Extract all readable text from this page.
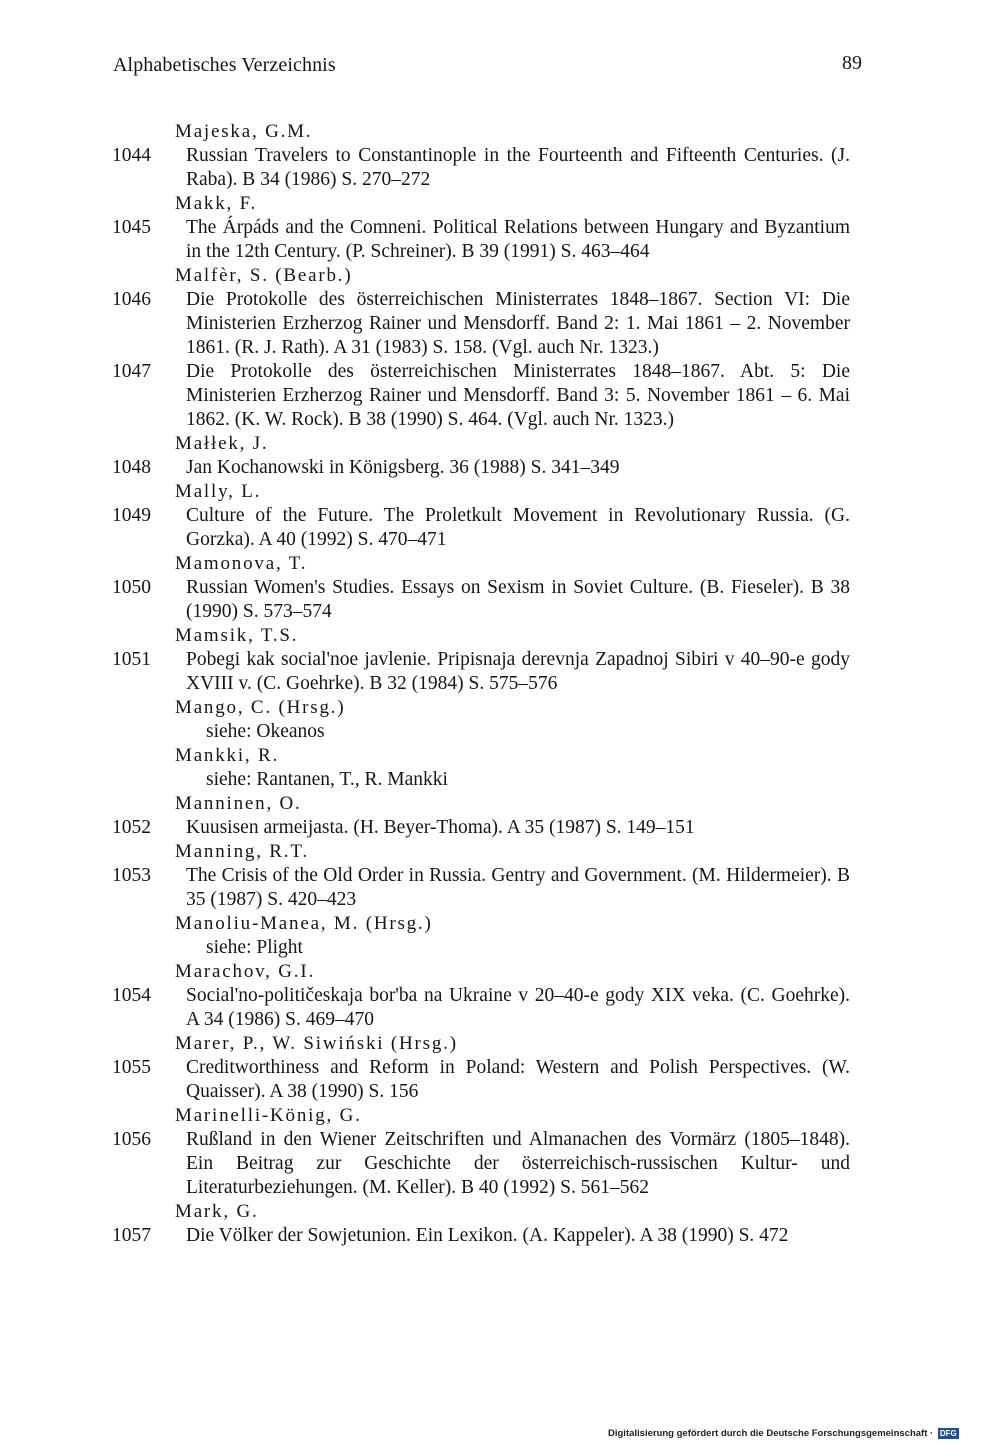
Alphabetisches Verzeichnis	89
Majeska, G.M.
1044	Russian Travelers to Constantinople in the Fourteenth and Fifteenth Centuries. (J. Raba). B 34 (1986) S. 270–272
Makk, F.
1045	The Árpáds and the Comneni. Political Relations between Hungary and Byzantium in the 12th Century. (P. Schreiner). B 39 (1991) S. 463–464
Malfèr, S. (Bearb.)
1046	Die Protokolle des österreichischen Ministerrates 1848–1867. Section VI: Die Ministerien Erzherzog Rainer und Mensdorff. Band 2: 1. Mai 1861 – 2. November 1861. (R. J. Rath). A 31 (1983) S. 158. (Vgl. auch Nr. 1323.)
1047	Die Protokolle des österreichischen Ministerrates 1848–1867. Abt. 5: Die Ministerien Erzherzog Rainer und Mensdorff. Band 3: 5. November 1861 – 6. Mai 1862. (K. W. Rock). B 38 (1990) S. 464. (Vgl. auch Nr. 1323.)
Małłek, J.
1048	Jan Kochanowski in Königsberg. 36 (1988) S. 341–349
Mally, L.
1049	Culture of the Future. The Proletkult Movement in Revolutionary Russia. (G. Gorzka). A 40 (1992) S. 470–471
Mamonova, T.
1050	Russian Women's Studies. Essays on Sexism in Soviet Culture. (B. Fieseler). B 38 (1990) S. 573–574
Mamsik, T.S.
1051	Pobegi kak social'noe javlenie. Pripisnaja derevnja Zapadnoj Sibiri v 40–90-e gody XVIII v. (C. Goehrke). B 32 (1984) S. 575–576
Mango, C. (Hrsg.)
siehe: Okeanos
Mankki, R.
siehe: Rantanen, T., R. Mankki
Manninen, O.
1052	Kuusisen armeijasta. (H. Beyer-Thoma). A 35 (1987) S. 149–151
Manning, R.T.
1053	The Crisis of the Old Order in Russia. Gentry and Government. (M. Hildermeier). B 35 (1987) S. 420–423
Manoliu-Manea, M. (Hrsg.)
siehe: Plight
Marachov, G.I.
1054	Social'no-političeskaja bor'ba na Ukraine v 20–40-e gody XIX veka. (C. Goehrke). A 34 (1986) S. 469–470
Marer, P., W. Siwiński (Hrsg.)
1055	Creditworthiness and Reform in Poland: Western and Polish Perspectives. (W. Quaisser). A 38 (1990) S. 156
Marinelli-König, G.
1056	Rußland in den Wiener Zeitschriften und Almanachen des Vormärz (1805–1848). Ein Beitrag zur Geschichte der österreichisch-russischen Kultur- und Literaturbeziehungen. (M. Keller). B 40 (1992) S. 561–562
Mark, G.
1057	Die Völker der Sowjetunion. Ein Lexikon. (A. Kappeler). A 38 (1990) S. 472
Digitalisierung gefördert durch die Deutsche Forschungsgemeinschaft · DFG
